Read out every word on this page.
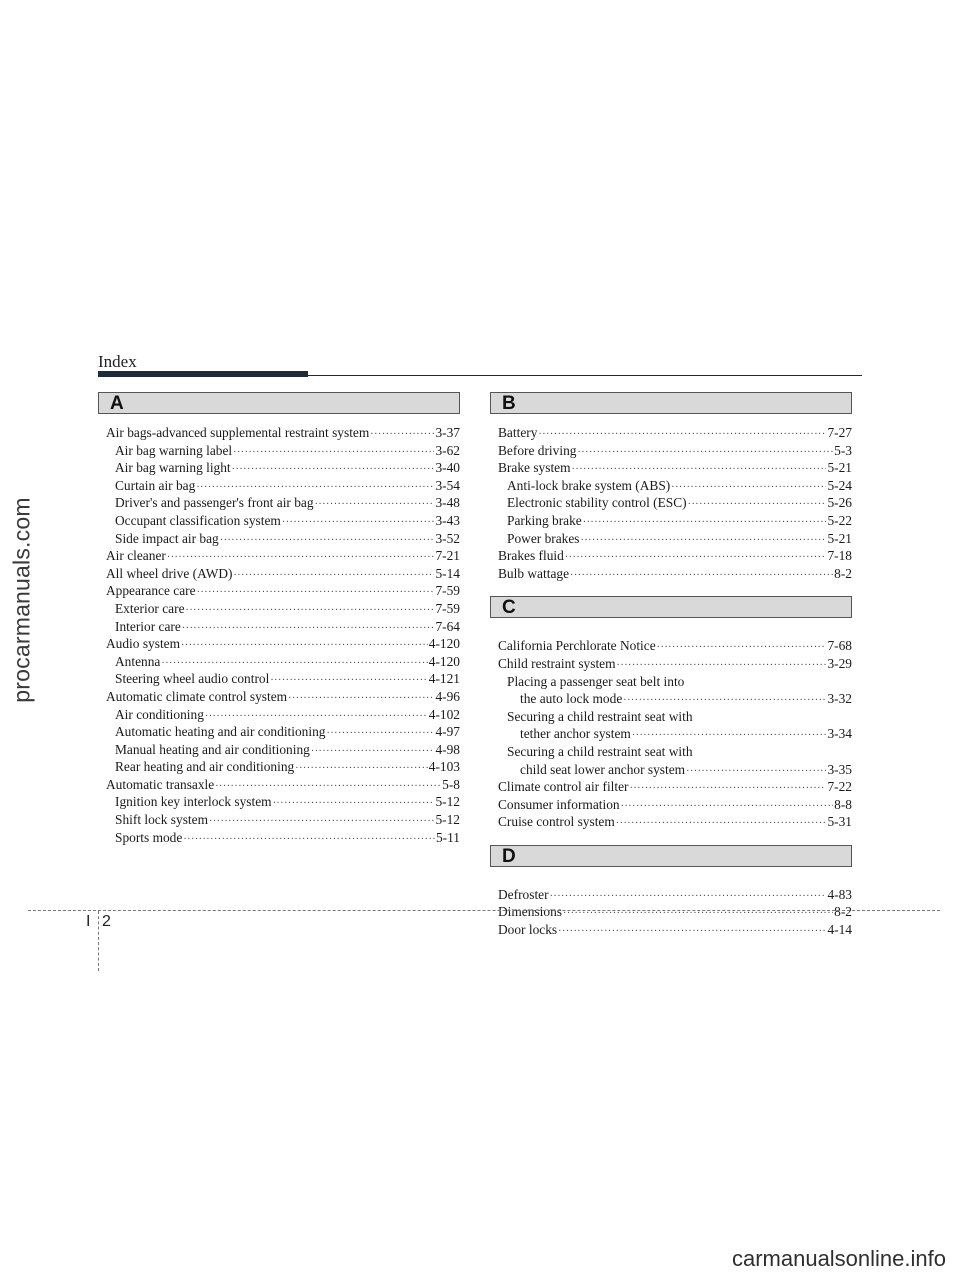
procarmanuals.com
Index
A
Air bags-advanced supplemental restraint system ·····	3-37
Air bag warning label ·····	3-62
Air bag warning light ·····	3-40
Curtain air bag ·····	3-54
Driver's and passenger's front air bag ·····	3-48
Occupant classification system ·····	3-43
Side impact air bag ·····	3-52
Air cleaner ·····	7-21
All wheel drive (AWD) ·····	5-14
Appearance care ·····	7-59
Exterior care ·····	7-59
Interior care ·····	7-64
Audio system ·····	4-120
Antenna ·····	4-120
Steering wheel audio control ·····	4-121
Automatic climate control system ·····	4-96
Air conditioning ·····	4-102
Automatic heating and air conditioning ·····	4-97
Manual heating and air conditioning ·····	4-98
Rear heating and air conditioning ·····	4-103
Automatic transaxle ·····	5-8
Ignition key interlock system ·····	5-12
Shift lock system ·····	5-12
Sports mode ·····	5-11
B
Battery ·····	7-27
Before driving ·····	5-3
Brake system ·····	5-21
Anti-lock brake system (ABS) ·····	5-24
Electronic stability control (ESC) ·····	5-26
Parking brake ·····	5-22
Power brakes ·····	5-21
Brakes fluid ·····	7-18
Bulb wattage ·····	8-2
C
California Perchlorate Notice ·····	7-68
Child restraint system ·····	3-29
Placing a passenger seat belt into
the auto lock mode ·····	3-32
Securing a child restraint seat with
tether anchor system ·····	3-34
Securing a child restraint seat with
child seat lower anchor system ·····	3-35
Climate control air filter ·····	7-22
Consumer information ·····	8-8
Cruise control system ·····	5-31
D
Defroster ·····	4-83
Dimensions ·····	8-2
Door locks ·····	4-14
I 2
carmanualsonline.info
